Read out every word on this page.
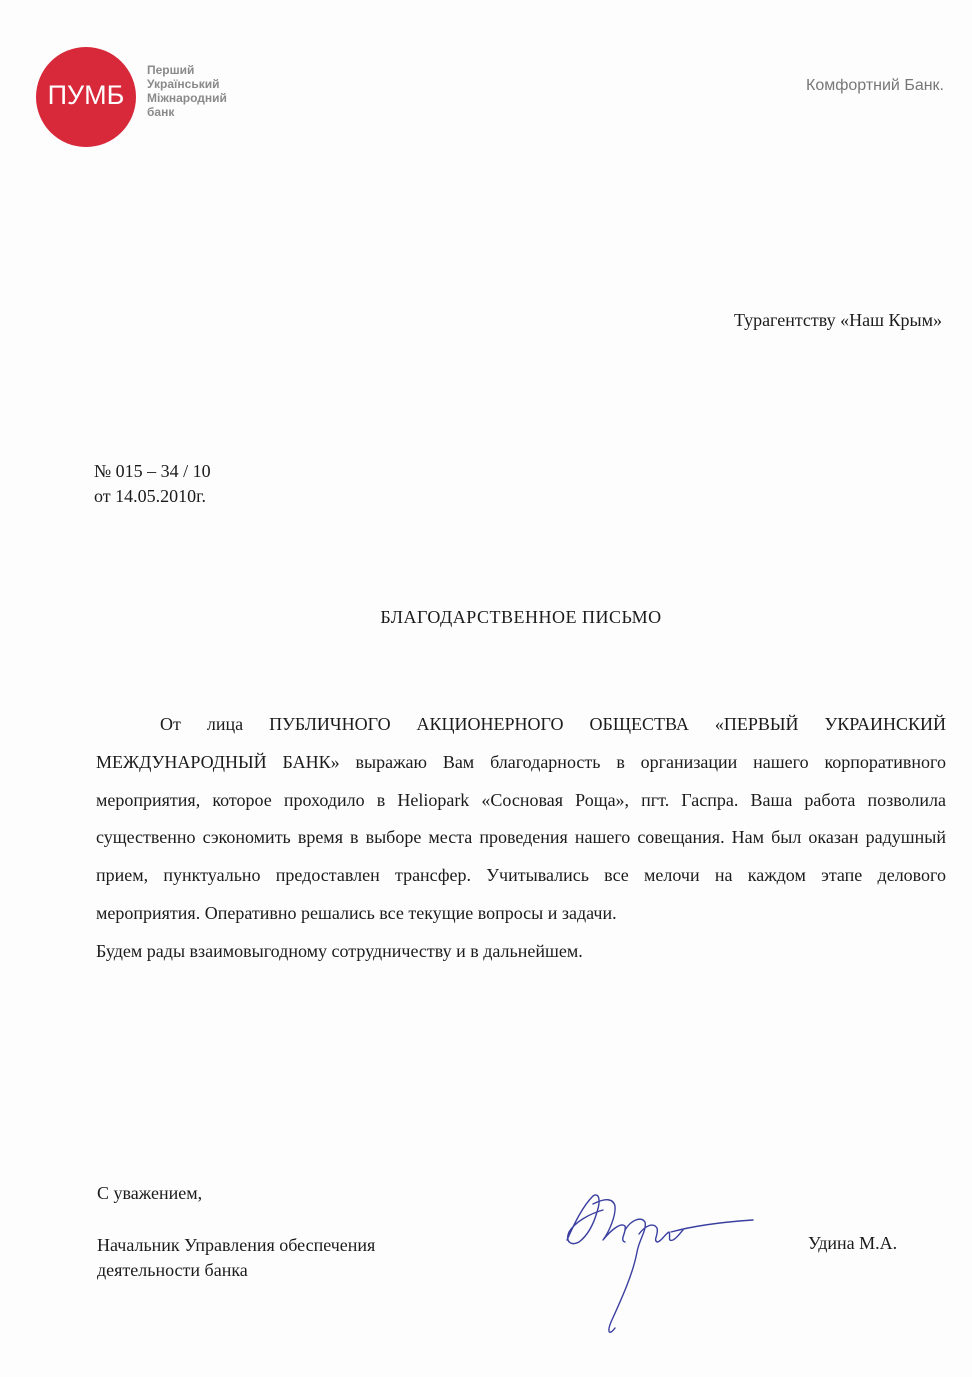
ПУМБ
Перший
Український
Міжнародний
банк
Комфортний Банк.
Турагентству «Наш Крым»
№ 015 – 34 / 10
от 14.05.2010г.
БЛАГОДАРСТВЕННОЕ ПИСЬМО

От лица ПУБЛИЧНОГО АКЦИОНЕРНОГО ОБЩЕСТВА «ПЕРВЫЙ УКРАИНСКИЙ МЕЖДУНАРОДНЫЙ БАНК» выражаю Вам благодарность в организации нашего корпоративного мероприятия, которое проходило в Heliopark «Сосновая Роща», пгт. Гаспра. Ваша работа позволила существенно сэкономить время в выборе места проведения нашего совещания. Нам был оказан радушный прием, пунктуально предоставлен трансфер. Учитывались все мелочи на каждом этапе делового мероприятия. Оперативно решались все текущие вопросы и задачи.

Будем рады взаимовыгодному сотрудничеству и в дальнейшем.

С уважением,
Начальник Управления обеспечения
деятельности банка
Удина М.А.
